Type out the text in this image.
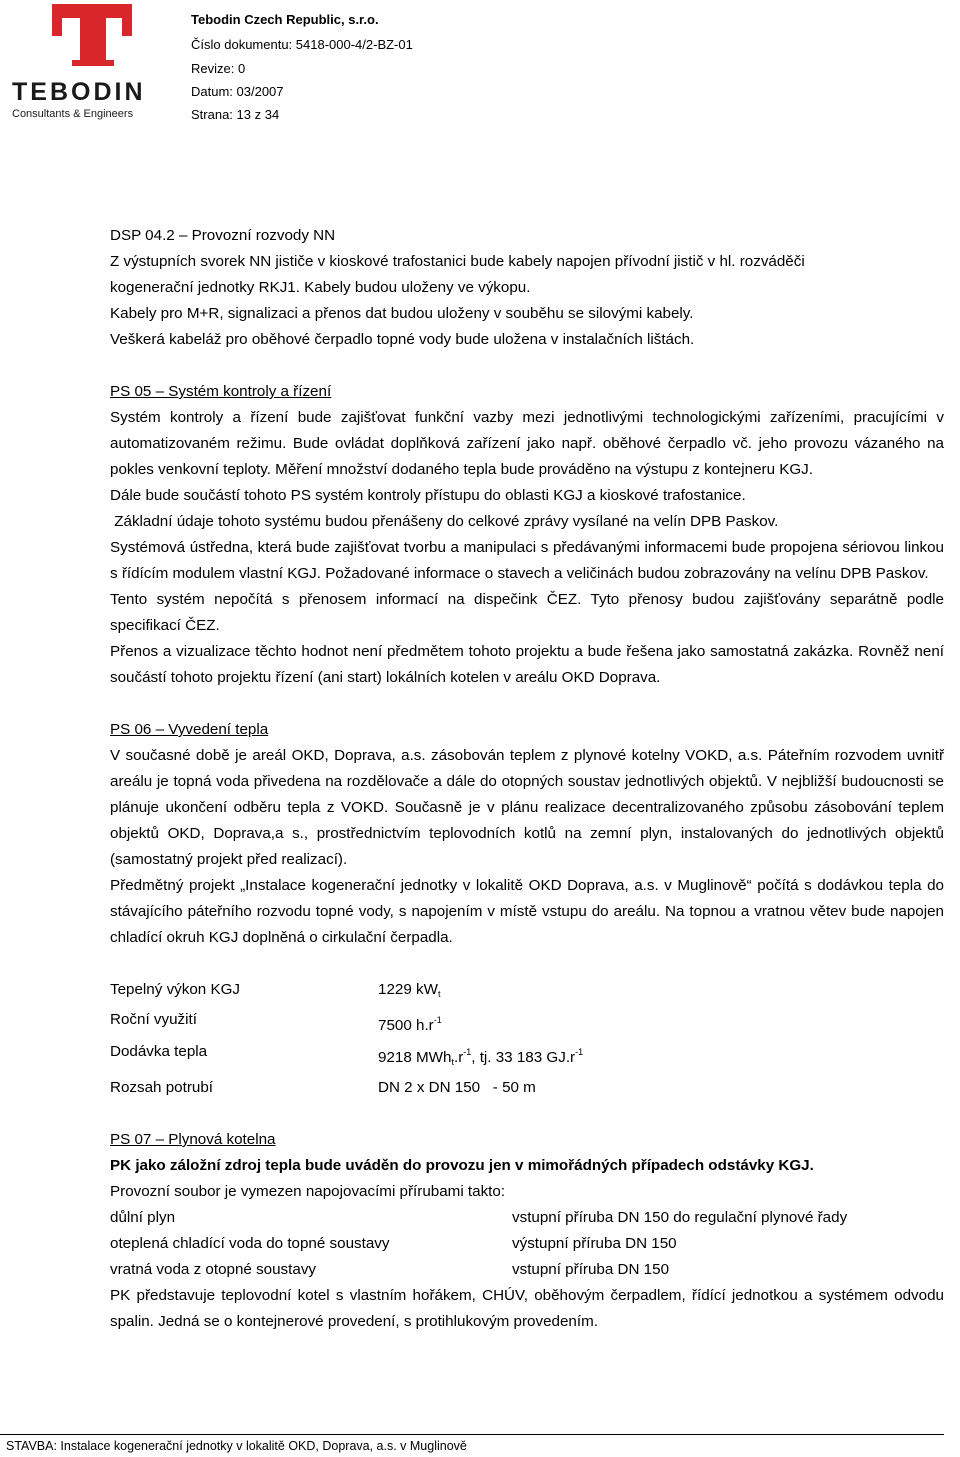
TEBODIN
Consultants & Engineers
Tebodin Czech Republic, s.r.o.
Číslo dokumentu: 5418-000-4/2-BZ-01
Revize: 0
Datum: 03/2007
Strana: 13 z 34

DSP 04.2 – Provozní rozvody NN

Z výstupních svorek NN jističe v kioskové trafostanici bude kabely napojen přívodní jistič v hl. rozváděči

kogenerační jednotky RKJ1. Kabely budou uloženy ve výkopu.

Kabely pro M+R, signalizaci a přenos dat budou uloženy v souběhu se silovými kabely.

Veškerá kabeláž pro oběhové čerpadlo topné vody bude uložena v instalačních lištách.

PS 05 – Systém kontroly a řízení

Systém kontroly a řízení bude zajišťovat funkční vazby mezi jednotlivými technologickými zařízeními, pracujícími v automatizovaném režimu. Bude ovládat doplňková zařízení jako např. oběhové čerpadlo vč. jeho provozu vázaného na pokles venkovní teploty. Měření množství dodaného tepla bude prováděno na výstupu z kontejneru KGJ.

Dále bude součástí tohoto PS systém kontroly přístupu do oblasti KGJ a kioskové trafostanice.

Základní údaje tohoto systému budou přenášeny do celkové zprávy vysílané na velín DPB Paskov.

Systémová ústředna, která bude zajišťovat tvorbu a manipulaci s předávanými informacemi bude propojena sériovou linkou s řídícím modulem vlastní KGJ. Požadované informace o stavech a veličinách budou zobrazovány na velínu DPB Paskov.

Tento systém nepočítá s přenosem informací na dispečink ČEZ. Tyto přenosy budou zajišťovány separátně podle specifikací ČEZ.

Přenos a vizualizace těchto hodnot není předmětem tohoto projektu a bude řešena jako samostatná zakázka. Rovněž není součástí tohoto projektu řízení (ani start) lokálních kotelen v areálu OKD Doprava.

PS 06 – Vyvedení tepla

V současné době je areál OKD, Doprava, a.s. zásobován teplem z plynové kotelny VOKD, a.s. Páteřním rozvodem uvnitř areálu je topná voda přivedena na rozdělovače a dále do otopných soustav jednotlivých objektů. V nejbližší budoucnosti se plánuje ukončení odběru tepla z VOKD. Současně je v plánu realizace decentralizovaného způsobu zásobování teplem objektů OKD, Doprava,a s., prostřednictvím teplovodních kotlů na zemní plyn, instalovaných do jednotlivých objektů (samostatný projekt před realizací).

Předmětný projekt „Instalace kogenerační jednotky v lokalitě OKD Doprava, a.s. v Muglinově“ počítá s dodávkou tepla do stávajícího páteřního rozvodu topné vody, s napojením v místě vstupu do areálu. Na topnou a vratnou větev bude napojen chladící okruh KGJ doplněná o cirkulační čerpadla.

Tepelný výkon KGJ	1229 $kW_t$
Roční využití	7500 $h.r^{-1}$
Dodávka tepla	9218 $MWh_t.r^{-1}$, tj. 33 183 $GJ.r^{-1}$
Rozsah potrubí	DN 2 x DN 150   - 50 m

PS 07 – Plynová kotelna

PK jako záložní zdroj tepla bude uváděn do provozu jen v mimořádných případech odstávky KGJ.

Provozní soubor je vymezen napojovacími přírubami takto:

důlní plyn	vstupní příruba DN 150 do regulační plynové řady
oteplená chladící voda do topné soustavy	výstupní příruba DN 150
vratná voda z otopné soustavy	vstupní příruba DN 150

PK představuje teplovodní kotel s vlastním hořákem, CHÚV, oběhovým čerpadlem, řídící jednotkou a systémem odvodu spalin. Jedná se o kontejnerové provedení, s protihlukovým provedením.

STAVBA: Instalace kogenerační jednotky v lokalitě OKD, Doprava, a.s. v Muglinově
